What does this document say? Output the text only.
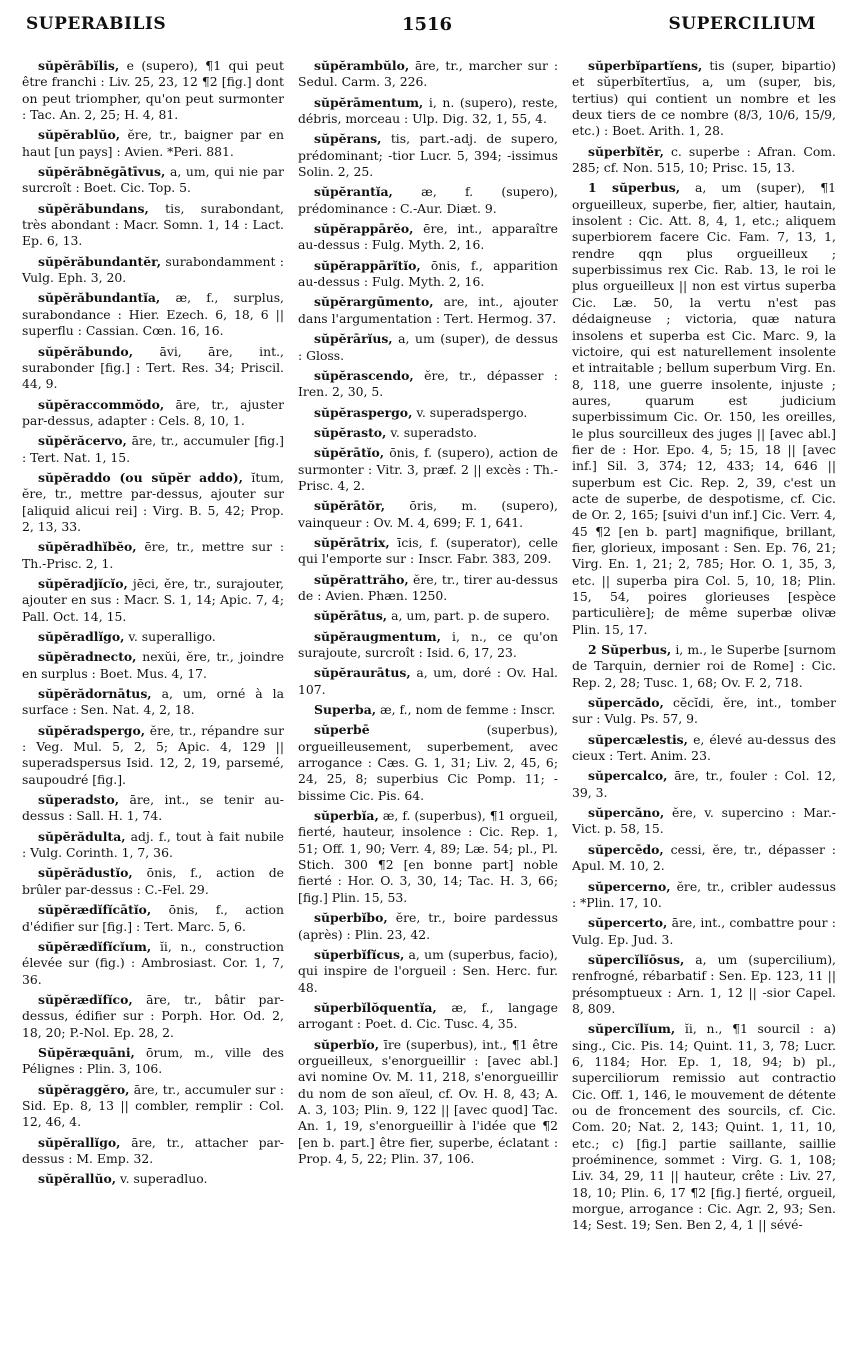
SUPERABILIS	1516	SUPERCILIUM

sŭpĕrābĭlis, e (supero), ¶1 qui peut être franchi : Liv. 25, 23, 12 ¶2 [fig.] dont on peut triompher, qu'on peut surmonter : Tac. An. 2, 25; H. 4, 81.

sŭpĕrablŭo, ĕre, tr., baigner par en haut [un pays] : Avien. *Peri. 881.

sŭpĕrăbnĕgātīvus, a, um, qui nie par surcroît : Boet. Cic. Top. 5.

sŭpĕrăbundans, tis, surabondant, très abondant : Macr. Somn. 1, 14 : Lact. Ep. 6, 13.

sŭpĕrăbundantĕr, surabondamment : Vulg. Eph. 3, 20.

sŭpĕrăbundantĭa, æ, f., surplus, surabondance : Hier. Ezech. 6, 18, 6 || superflu : Cassian. Cœn. 16, 16.

sŭpĕrăbundo, āvi, āre, int., surabonder [fig.] : Tert. Res. 34; Priscil. 44, 9.

sŭpĕraccommŏdo, āre, tr., ajuster par-dessus, adapter : Cels. 8, 10, 1.

sŭpĕrăcervo, āre, tr., accumuler [fig.] : Tert. Nat. 1, 15.

sŭpĕraddo (ou sŭpĕr addo), ĭtum, ĕre, tr., mettre par-dessus, ajouter sur [aliquid alicui rei] : Virg. B. 5, 42; Prop. 2, 13, 33.

sŭpĕradhĭbĕo, ēre, tr., mettre sur : Th.-Prisc. 2, 1.

sŭpĕradjĭcĭo, jēci, ĕre, tr., surajouter, ajouter en sus : Macr. S. 1, 14; Apic. 7, 4; Pall. Oct. 14, 15.

sŭpĕradlĭgo, v. superalligo.

sŭpĕradnecto, nexŭi, ĕre, tr., joindre en surplus : Boet. Mus. 4, 17.

sŭpĕrădornātus, a, um, orné à la surface : Sen. Nat. 4, 2, 18.

sŭpĕradspergo, ĕre, tr., répandre sur : Veg. Mul. 5, 2, 5; Apic. 4, 129 || superadspersus Isid. 12, 2, 19, parsemé, saupoudré [fig.].

sŭperadsto, āre, int., se tenir au-dessus : Sall. H. 1, 74.

sŭpĕrădulta, adj. f., tout à fait nubile : Vulg. Corinth. 1, 7, 36.

sŭpĕrădustĭo, ōnis, f., action de brûler par-dessus : C.-Fel. 29.

sŭpĕrædĭfĭcātĭo, ōnis, f., action d'édifier sur [fig.] : Tert. Marc. 5, 6.

sŭpĕrædĭfĭcĭum, ĭi, n., construction élevée sur (fig.) : Ambrosiast. Cor. 1, 7, 36.

sŭpĕrædĭfĭco, āre, tr., bâtir par-dessus, édifier sur : Porph. Hor. Od. 2, 18, 20; P.-Nol. Ep. 28, 2.

Sŭpĕræquāni, ōrum, m., ville des Pélignes : Plin. 3, 106.

sŭpĕraggĕro, āre, tr., accumuler sur : Sid. Ep. 8, 13 || combler, remplir : Col. 12, 46, 4.

sŭpĕrallĭgo, āre, tr., attacher par-dessus : M. Emp. 32.

sŭpĕrallŭo, v. superadluo.

sŭpĕrambŭlo, āre, tr., marcher sur : Sedul. Carm. 3, 226.

sŭpĕrāmentum, i, n. (supero), reste, débris, morceau : Ulp. Dig. 32, 1, 55, 4.

sŭpĕrans, tis, part.-adj. de supero, prédominant; -tior Lucr. 5, 394; -issimus Solin. 2, 25.

sŭpĕrantĭa, æ, f. (supero), prédominance : C.-Aur. Diæt. 9.

sŭpĕrappārĕo, ēre, int., apparaître au-dessus : Fulg. Myth. 2, 16.

sŭpĕrappārĭtĭo, ōnis, f., apparition au-dessus : Fulg. Myth. 2, 16.

sŭpĕrargūmento, are, int., ajouter dans l'argumentation : Tert. Hermog. 37.

sŭpĕrārĭus, a, um (super), de dessus : Gloss.

sŭpĕrascendo, ĕre, tr., dépasser : Iren. 2, 30, 5.

sŭpĕraspergo, v. superadspergo.

sŭpĕrasto, v. superadsto.

sŭpĕrātĭo, ōnis, f. (supero), action de surmonter : Vitr. 3, præf. 2 || excès : Th.-Prisc. 4, 2.

sŭpĕrātŏr, ōris, m. (supero), vainqueur : Ov. M. 4, 699; F. 1, 641.

sŭpĕrātrix, īcis, f. (superator), celle qui l'emporte sur : Inscr. Fabr. 383, 209.

sŭpĕrattrăho, ĕre, tr., tirer au-dessus de : Avien. Phæn. 1250.

sŭpĕrātus, a, um, part. p. de supero.

sŭpĕraugmentum, i, n., ce qu'on surajoute, surcroît : Isid. 6, 17, 23.

sŭpĕraurātus, a, um, doré : Ov. Hal. 107.

Superba, æ, f., nom de femme : Inscr.

sŭperbē	(superbus), orgueilleusement, superbement, avec arrogance : Cæs. G. 1, 31; Liv. 2, 45, 6; 24, 25, 8; superbius Cic Pomp. 11; -bissime Cic. Pis. 64.

sŭperbĭa, æ, f. (superbus), ¶1 orgueil, fierté, hauteur, insolence : Cic. Rep. 1, 51; Off. 1, 90; Verr. 4, 89; Læ. 54; pl., Pl. Stich. 300 ¶2 [en bonne part] noble fierté : Hor. O. 3, 30, 14; Tac. H. 3, 66; [fig.] Plin. 15, 53.

sŭperbĭbo, ĕre, tr., boire pardessus (après) : Plin. 23, 42.

sŭperbĭfĭcus, a, um (superbus, facio), qui inspire de l'orgueil : Sen. Herc. fur. 48.

sŭperbĭlŏquentĭa, æ, f., langage arrogant : Poet. d. Cic. Tusc. 4, 35.

sŭperbĭo, īre (superbus), int., ¶1 être orgueilleux, s'enorgueillir : [avec abl.] avi nomine Ov. M. 11, 218, s'enorgueillir du nom de son aïeul, cf. Ov. H. 8, 43; A. A. 3, 103; Plin. 9, 122 || [avec quod] Tac. An. 1, 19, s'enorgueillir à l'idée que ¶2 [en b. part.] être fier, superbe, éclatant : Prop. 4, 5, 22; Plin. 37, 106.

sŭperbĭpartĭens, tis (super, bipartio) et sŭperbĭtertĭus, a, um (super, bis, tertius) qui contient un nombre et les deux tiers de ce nombre (8/3, 10/6, 15/9, etc.) : Boet. Arith. 1, 28.

sŭperbĭtĕr, c. superbe : Afran. Com. 285; cf. Non. 515, 10; Prisc. 15, 13.

1 sŭperbus, a, um (super), ¶1 orgueilleux, superbe, fier, altier, hautain, insolent : Cic. Att. 8, 4, 1, etc.; aliquem superbiorem facere Cic. Fam. 7, 13, 1, rendre qqn plus orgueilleux ; superbissimus rex Cic. Rab. 13, le roi le plus orgueilleux || non est virtus superba Cic. Læ. 50, la vertu n'est pas dédaigneuse ; victoria, quæ natura insolens et superba est Cic. Marc. 9, la victoire, qui est naturellement insolente et intraitable ; bellum superbum Virg. En. 8, 118, une guerre insolente, injuste ; aures, quarum est judicium superbissimum Cic. Or. 150, les oreilles, le plus sourcilleux des juges || [avec abl.] fier de : Hor. Epo. 4, 5; 15, 18 || [avec inf.] Sil. 3, 374; 12, 433; 14, 646 || superbum est Cic. Rep. 2, 39, c'est un acte de superbe, de despotisme, cf. Cic. de Or. 2, 165; [suivi d'un inf.] Cic. Verr. 4, 45 ¶2 [en b. part] magnifique, brillant, fier, glorieux, imposant : Sen. Ep. 76, 21; Virg. En. 1, 21; 2, 785; Hor. O. 1, 35, 3, etc. || superba pira Col. 5, 10, 18; Plin. 15, 54, poires glorieuses [espèce particulière]; de même superbæ olivæ Plin. 15, 17.

2 Sŭperbus, i, m., le Superbe [surnom de Tarquin, dernier roi de Rome] : Cic. Rep. 2, 28; Tusc. 1, 68; Ov. F. 2, 718.

sŭpercădo, cĕcĭdi, ĕre, int., tomber sur : Vulg. Ps. 57, 9.

sŭpercælestis, e, élevé au-dessus des cieux : Tert. Anim. 23.

sŭpercalco, āre, tr., fouler : Col. 12, 39, 3.

sŭpercăno, ĕre, v. supercino : Mar.-Vict. p. 58, 15.

sŭpercēdo, cessi, ĕre, tr., dépasser : Apul. M. 10, 2.

sŭpercerno, ĕre, tr., cribler audessus : *Plin. 17, 10.

sŭpercerto, āre, int., combattre pour : Vulg. Ep. Jud. 3.

sŭpercĭlĭōsus, a, um (supercilium), renfrogné, rébarbatif : Sen. Ep. 123, 11 || présomptueux : Arn. 1, 12 || -sior Capel. 8, 809.

sŭpercĭlĭum, ĭi, n., ¶1 sourcil : a) sing., Cic. Pis. 14; Quint. 11, 3, 78; Lucr. 6, 1184; Hor. Ep. 1, 18, 94; b) pl., superciliorum remissio aut contractio Cic. Off. 1, 146, le mouvement de détente ou de froncement des sourcils, cf. Cic. Com. 20; Nat. 2, 143; Quint. 1, 11, 10, etc.; c) [fig.] partie saillante, saillie proéminence, sommet : Virg. G. 1, 108; Liv. 34, 29, 11 || hauteur, crête : Liv. 27, 18, 10; Plin. 6, 17 ¶2 [fig.] fierté, orgueil, morgue, arrogance : Cic. Agr. 2, 93; Sen. 14; Sest. 19; Sen. Ben 2, 4, 1 || sévé-
